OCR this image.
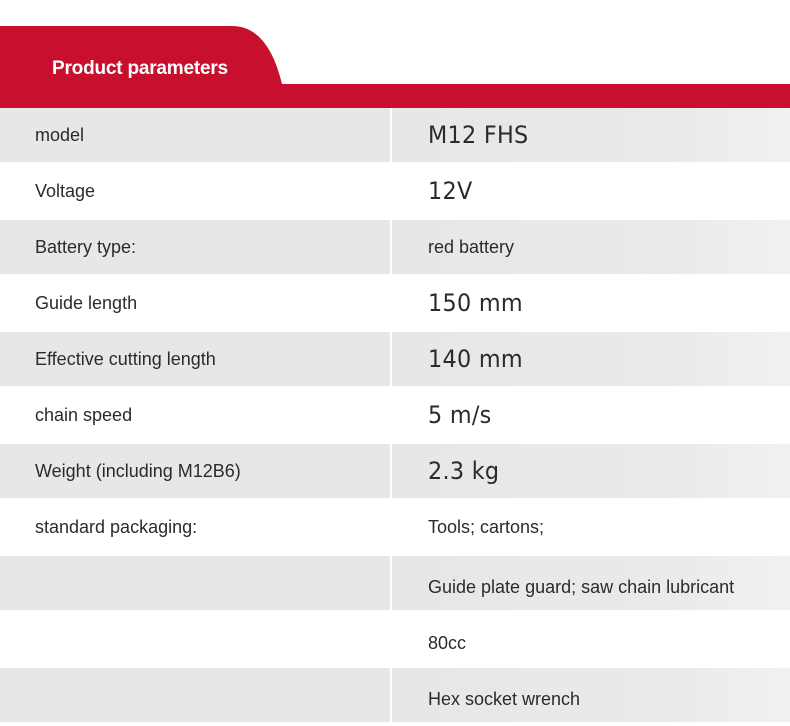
Product parameters
model	M12 FHS
Voltage	12V
Battery type:	red battery
Guide length	150 mm
Effective cutting length	140 mm
chain speed	5 m/s
Weight (including M12B6)	2.3 kg
standard packaging:	Tools; cartons;
Guide plate guard; saw chain lubricant
80cc
Hex socket wrench
